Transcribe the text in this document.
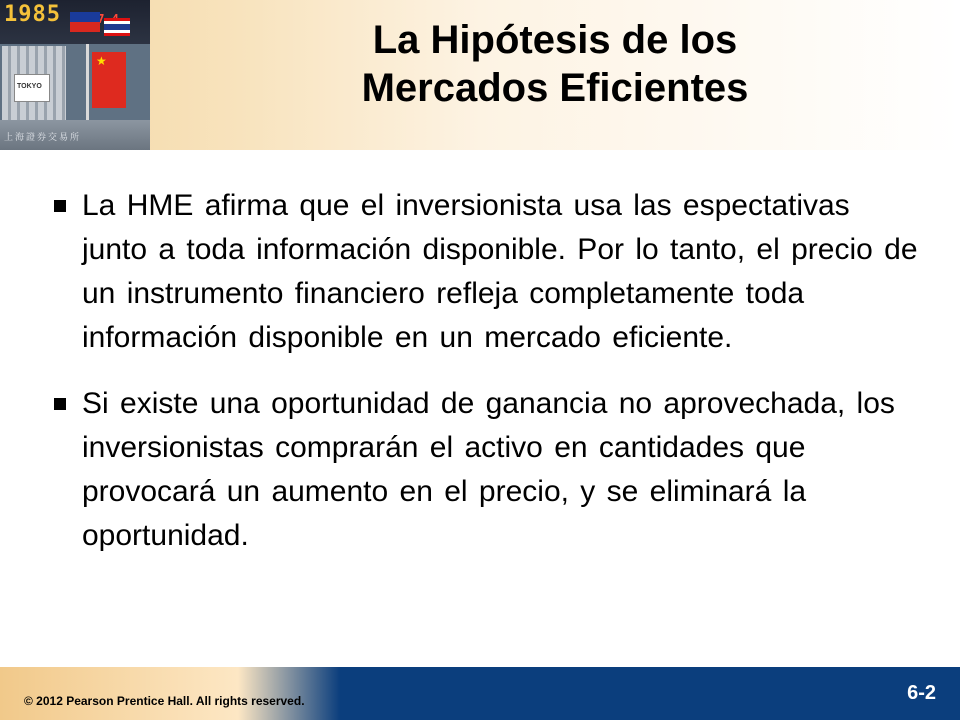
1985
TOKYO
★
上海證券交易所
La Hipótesis de los
Mercados Eficientes
La HME afirma que el inversionista usa las espectativas junto a toda información disponible. Por lo tanto, el precio de un instrumento financiero refleja completamente toda información disponible en un mercado eficiente.
Si existe una oportunidad de ganancia no aprovechada, los inversionistas comprarán el activo en cantidades que provocará un aumento en el precio, y se eliminará la oportunidad.
© 2012 Pearson Prentice Hall. All rights reserved.	6-2
